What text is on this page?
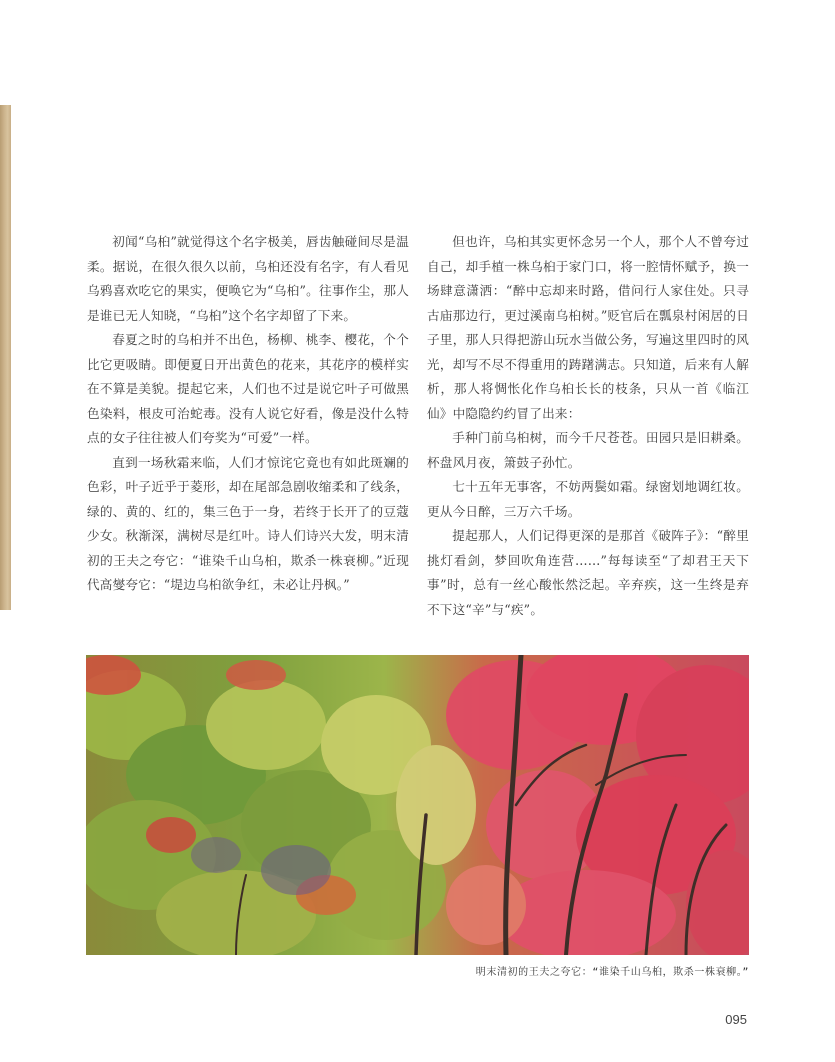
初闻“乌桕”就觉得这个名字极美，唇齿触碰间尽是温柔。据说，在很久很久以前，乌桕还没有名字，有人看见乌鸦喜欢吃它的果实，便唤它为“乌桕”。往事作尘，那人是谁已无人知晓，“乌桕”这个名字却留了下来。

春夏之时的乌桕并不出色，杨柳、桃李、樱花，个个比它更吸睛。即便夏日开出黄色的花来，其花序的模样实在不算是美貌。提起它来，人们也不过是说它叶子可做黑色染料，根皮可治蛇毒。没有人说它好看，像是没什么特点的女子往往被人们夸奖为“可爱”一样。

直到一场秋霜来临，人们才惊诧它竟也有如此斑斓的色彩，叶子近乎于菱形，却在尾部急剧收缩柔和了线条，绿的、黄的、红的，集三色于一身，若终于长开了的豆蔻少女。秋渐深，满树尽是红叶。诗人们诗兴大发，明末清初的王夫之夸它：“谁染千山乌桕，欺杀一株衰柳。”近现代高燮夸它：“堤边乌桕欲争红，未必让丹枫。”

但也许，乌桕其实更怀念另一个人，那个人不曾夸过自己，却手植一株乌桕于家门口，将一腔情怀赋予，换一场肆意潇洒：“醉中忘却来时路，借问行人家住处。只寻古庙那边行，更过溪南乌桕树。”贬官后在瓢泉村闲居的日子里，那人只得把游山玩水当做公务，写遍这里四时的风光，却写不尽不得重用的踌躇满志。只知道，后来有人解析，那人将惆怅化作乌桕长长的枝条，只从一首《临江仙》中隐隐约约冒了出来：

手种门前乌桕树，而今千尺苍苍。田园只是旧耕桑。杯盘风月夜，箫鼓子孙忙。

七十五年无事客，不妨两鬓如霜。绿窗划地调红妆。更从今日醉，三万六千场。

提起那人，人们记得更深的是那首《破阵子》：“醉里挑灯看剑，梦回吹角连营……”每每读至“了却君王天下事”时，总有一丝心酸怅然泛起。辛弃疾，这一生终是弃不下这“辛”与“疾”。

明末清初的王夫之夸它：“谁染千山乌桕，欺杀一株衰柳。”
095
